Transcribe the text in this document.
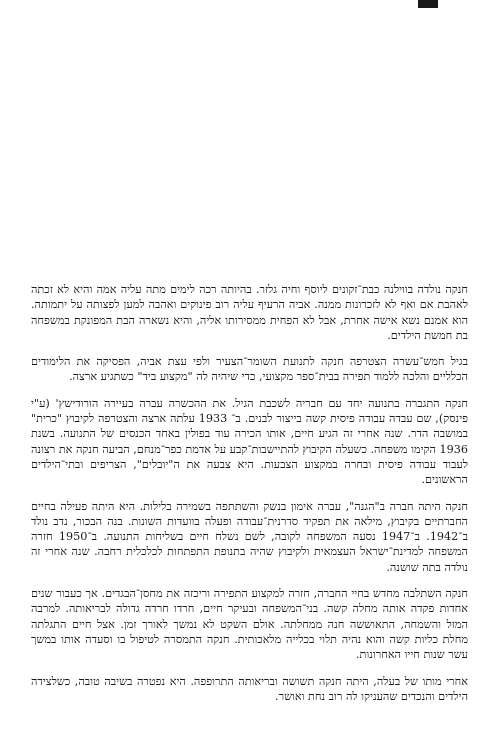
חנקה נולדה בווילנה כבת־זקונים ליוסף וחיה גלזר. בהיותה רכה לימים מתה עליה אמה והיא לא זכתה לאהבת אם ואף לא לזכרונות ממנה. אביה הרעיף עליה רוב פינוקים ואהבה למען לפצותה על יתמותה. הוא אמנם נשא אישה אחרת, אבל לא הפחית ממסירותו אליה, והיא נשארה הבת המפונקת במשפחה בת חמשת הילדים.

בגיל חמש־עשרה הצטרפה חנקה לתנועת השומר־הצעיר ולפי עצת אביה, הפסיקה את הלימודים הכלליים והלכה ללמוד תפירה בבית־ספר מקצועי, כדי שיהיה לה "מקצוע ביד" כשתגיע ארצה.

חנקה התגברה בתנועה יחד עם חבריה לשכבת הגיל. את ההכשרה עברה בעיירה הורודישץ' (ע"י פינסק), שם עבדה עבודה פיסית קשה בייצור לבנים. ב־ 1933 עלתה ארצה והצטרפה לקיבוץ "כרית" במושבה הדר. שנה אחרי זה הגיע חיים, אותו הכירה עוד בפולין באחד הכנסים של התנועה. בשנת 1936 הקימו משפחה. כשעלה הקיבוץ להתיישבות־קבע על אדמת כפר־מנחם, הביעה חנקה את רצונה לעבוד עבודה פיסית ובחרה במקצוע הצבעות. היא צבעה את ה"יובלים", הצריפים ובתי־הילדים הראשונים.

חנקה היתה חברה ב"הגנה", עברה אימון בנשק והשתתפה בשמירה בלילות. היא היתה פעילה בחיים החברתיים בקיבוץ, מילאה את תפקיד סדרנית־עבודה ופעלה בוועדות השונות. בנה הבכור, נדב נולד ב־1942. ב־1947 נסעה המשפחה לקובה, לשם נשלח חיים בשליחות התנועה. ב־1950 חזרה המשפחה למדינת־ישראל העצמאית ולקיבוץ שהיה בתנופת התפתחות לכלכלית רחבה. שנה אחרי זה נולדה בתה שושנה.

חנקה השתלבה מחדש בחיי החברה, חזרה למקצוע התפירה וריכזה את מחסן־הבגדים. אך כעבור שנים אחדות פקדה אותה מחלה קשה. בני־המשפחה ובעיקר חיים, חרדו חרדה גדולה לבריאותה. למרבה המזל והשמחה, התאוששה חנה ממחלתה. אולם השקט לא נמשך לאורך זמן. אצל חיים התגלתה מחלת כליות קשה והוא נהיה תלוי בכלייה מלאכותית. חנקה התמסרה לטיפול בו וסעדה אותו במשך עשר שנות חייו האחרונות.

אחרי מותו של בעלה, היתה חנקה תשושה ובריאותה התרופפה. היא נפטרה בשיבה טובה, כשלצידה הילדים והנכדים שהעניקו לה רוב נחת ואושר.
